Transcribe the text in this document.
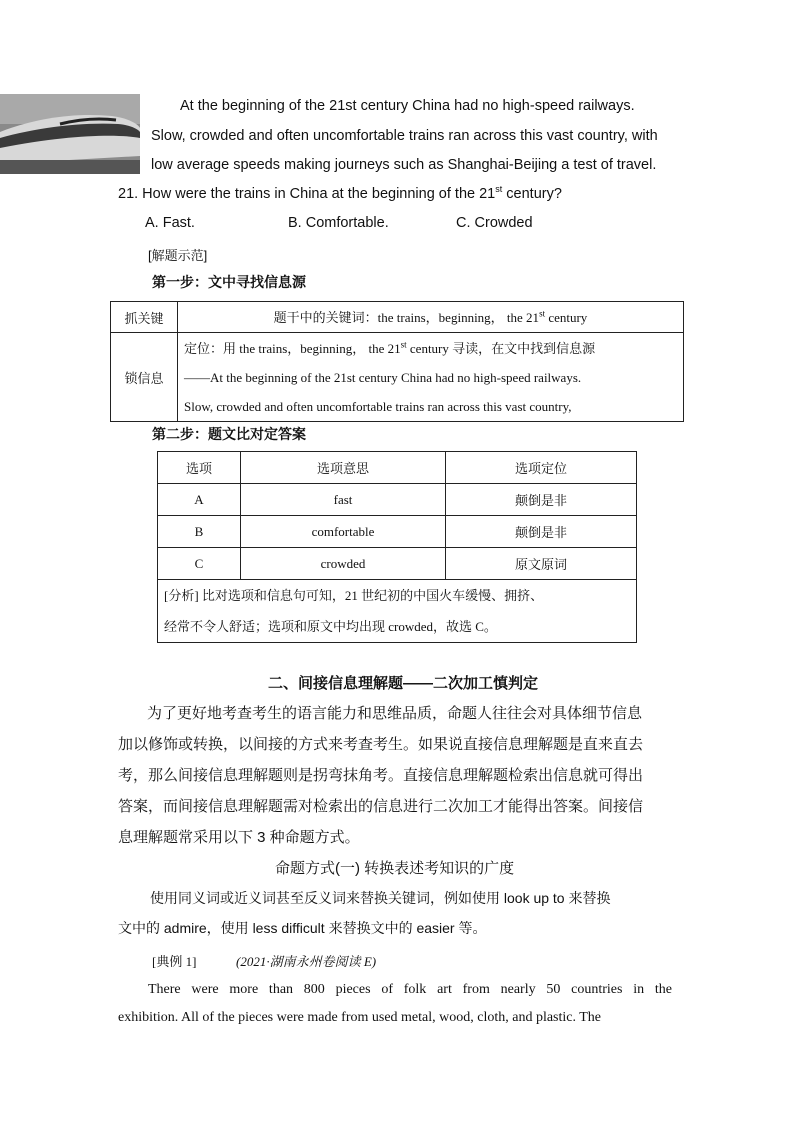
At the beginning of the 21st century China had no high-speed railways.
Slow, crowded and often uncomfortable trains ran across this vast country, with
low average speeds making journeys such as Shanghai-Beijing a test of travel.
21. How were the trains in China at the beginning of the 21st century?
A. Fast.	B. Comfortable.	C. Crowded
[解题示范]
第一步：文中寻找信息源
抓关键	题干中的关键词：the trains，beginning， the 21st century
锁信息	定位：用 the trains，beginning， the 21st century 寻读，在文中找到信息源
——At the beginning of the 21st century China had no high-speed railways.
Slow, crowded and often uncomfortable trains ran across this vast country,
第二步：题文比对定答案
选项	选项意思	选项定位
A	fast	颠倒是非
B	comfortable	颠倒是非
C	crowded	原文原词

[分析] 比对选项和信息句可知，21 世纪初的中国火车缓慢、拥挤、
经常不令人舒适；选项和原文中均出现 crowded，故选 C。		
二、间接信息理解题——二次加工慎判定
为了更好地考查考生的语言能力和思维品质，命题人往往会对具体细节信息
加以修饰或转换，以间接的方式来考查考生。如果说直接信息理解题是直来直去
考，那么间接信息理解题则是拐弯抹角考。直接信息理解题检索出信息就可得出
答案，而间接信息理解题需对检索出的信息进行二次加工才能得出答案。间接信
息理解题常采用以下 3 种命题方式。
命题方式(一) 转换表述考知识的广度
使用同义词或近义词甚至反义词来替换关键词，例如使用 look up to 来替换
文中的 admire，使用 less difficult 来替换文中的 easier 等。
[典例 1]	(2021·湖南永州卷阅读 E)
There were more than 800 pieces of folk art from nearly 50 countries in the
exhibition. All of the pieces were made from used metal, wood, cloth, and plastic. The
